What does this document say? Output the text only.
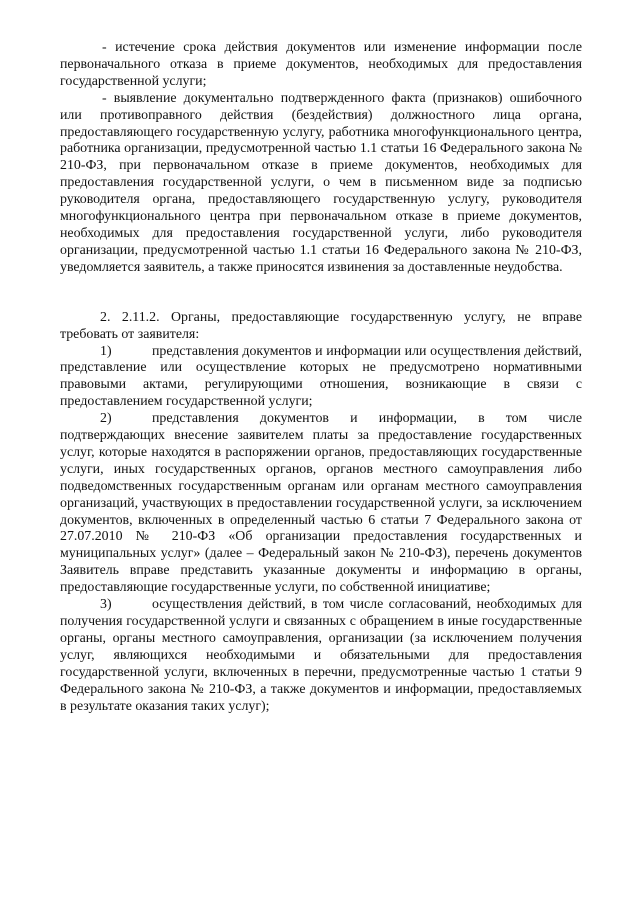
- истечение срока действия документов или изменение информации после первоначального отказа в приеме документов, необходимых для предоставления государственной услуги;

- выявление документально подтвержденного факта (признаков) ошибочного или противоправного действия (бездействия) должностного лица органа, предоставляющего государственную услугу, работника многофункционального центра, работника организации, предусмотренной частью 1.1 статьи 16 Федерального закона № 210-ФЗ, при первоначальном отказе в приеме документов, необходимых для предоставления государственной услуги, о чем в письменном виде за подписью руководителя органа, предоставляющего государственную услугу, руководителя многофункционального центра при первоначальном отказе в приеме документов, необходимых для предоставления государственной услуги, либо руководителя организации, предусмотренной частью 1.1 статьи 16 Федерального закона № 210-ФЗ, уведомляется заявитель, а также приносятся извинения за доставленные неудобства.

2. 2.11.2. Органы, предоставляющие государственную услугу, не вправе требовать от заявителя:

1)	представления документов и информации или осуществления действий, представление или осуществление которых не предусмотрено нормативными правовыми актами, регулирующими отношения, возникающие в связи с предоставлением государственной услуги;

2)	представления документов и информации, в том числе подтверждающих внесение заявителем платы за предоставление государственных услуг, которые находятся в распоряжении органов, предоставляющих государственные услуги, иных государственных органов, органов местного самоуправления либо подведомственных государственным органам или органам местного самоуправления организаций, участвующих в предоставлении государственной услуги, за исключением документов, включенных в определенный частью 6 статьи 7 Федерального закона от 27.07.2010 № 210-ФЗ «Об организации предоставления государственных и муниципальных услуг» (далее – Федеральный закон № 210-ФЗ), перечень документов Заявитель вправе представить указанные документы и информацию в органы, предоставляющие государственные услуги, по собственной инициативе;

3)	осуществления действий, в том числе согласований, необходимых для получения государственной услуги и связанных с обращением в иные государственные органы, органы местного самоуправления, организации (за исключением получения услуг, являющихся необходимыми и обязательными для предоставления государственной услуги, включенных в перечни, предусмотренные частью 1 статьи 9 Федерального закона № 210-ФЗ, а также документов и информации, предоставляемых в результате оказания таких услуг);
